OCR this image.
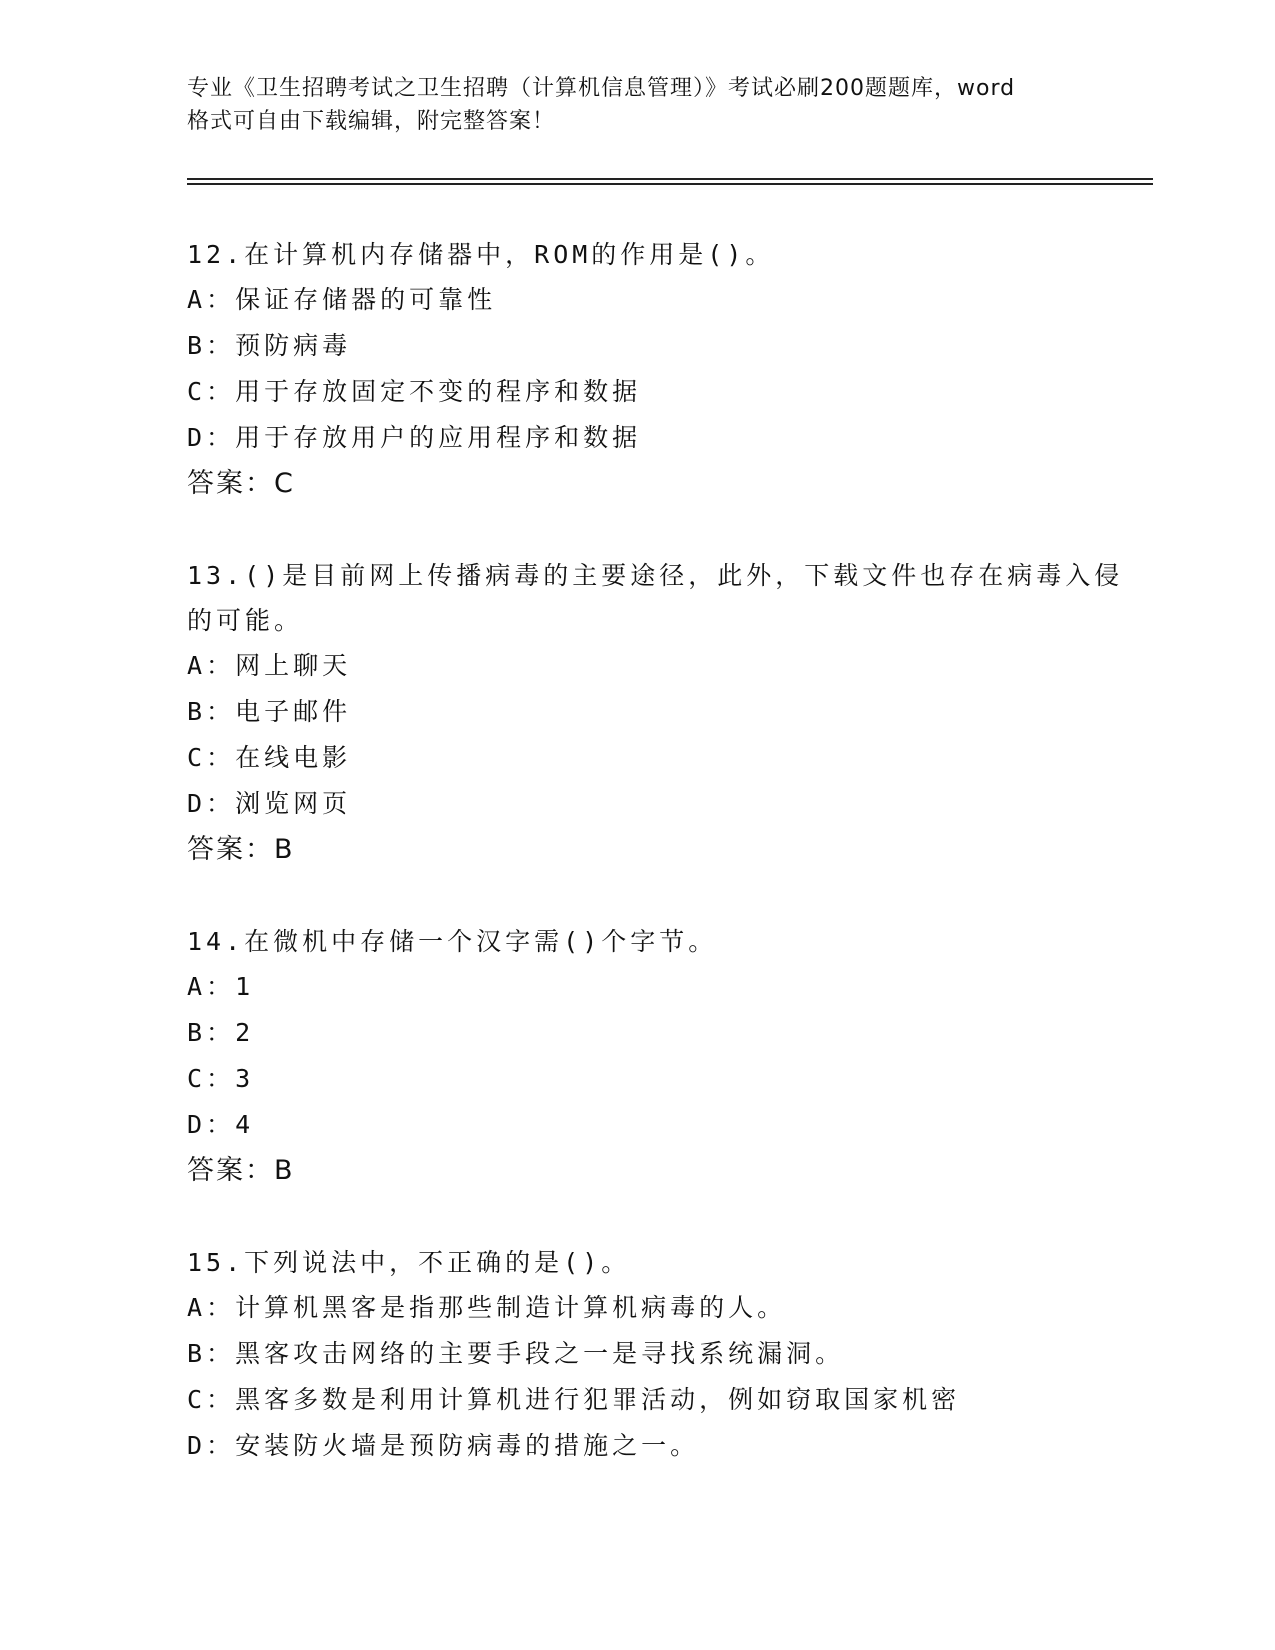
专业《卫生招聘考试之卫生招聘（计算机信息管理）》考试必刷200题题库，word
格式可自由下载编辑，附完整答案！
12.在计算机内存储器中，ROM的作用是()。
A：保证存储器的可靠性
B：预防病毒
C：用于存放固定不变的程序和数据
D：用于存放用户的应用程序和数据
答案：C
13.()是目前网上传播病毒的主要途径，此外，下载文件也存在病毒入侵的可能。
A：网上聊天
B：电子邮件
C：在线电影
D：浏览网页
答案：B
14.在微机中存储一个汉字需()个字节。
A：1
B：2
C：3
D：4
答案：B
15.下列说法中，不正确的是()。
A：计算机黑客是指那些制造计算机病毒的人。
B：黑客攻击网络的主要手段之一是寻找系统漏洞。
C：黑客多数是利用计算机进行犯罪活动，例如窃取国家机密
D：安装防火墙是预防病毒的措施之一。
